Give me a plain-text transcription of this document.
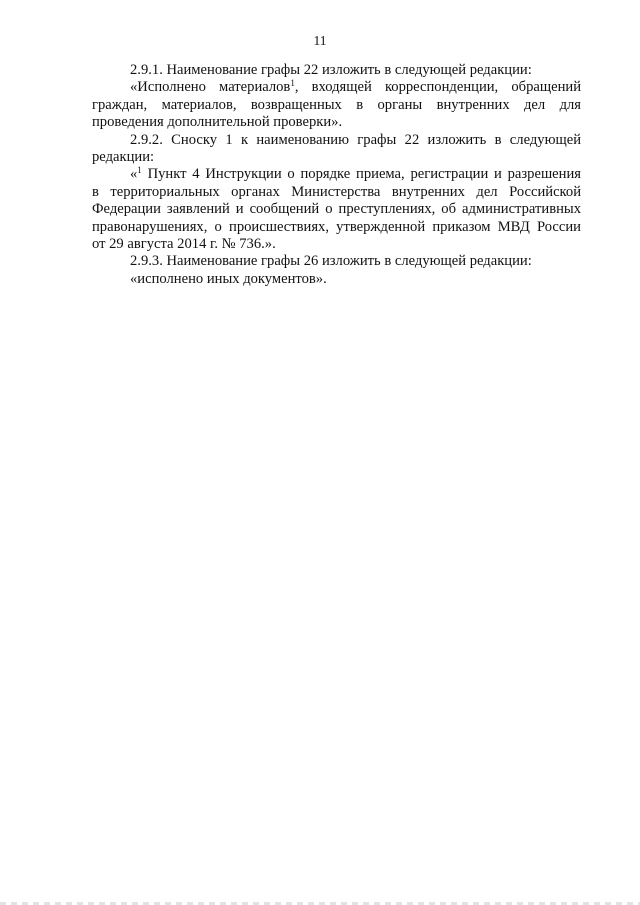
11

2.9.1. Наименование графы 22 изложить в следующей редакции:

«Исполнено материалов$^1$, входящей корреспонденции, обращений
граждан, материалов, возвращенных в органы внутренних дел для
проведения дополнительной проверки».

2.9.2. Сноску 1 к наименованию графы 22 изложить в следующей
редакции:

«$^1$ Пункт 4 Инструкции о порядке приема, регистрации и разрешения
в территориальных органах Министерства внутренних дел Российской
Федерации заявлений и сообщений о преступлениях, об административных
правонарушениях, о происшествиях, утвержденной приказом МВД России
от 29 августа 2014 г. № 736.».

2.9.3. Наименование графы 26 изложить в следующей редакции:

«исполнено иных документов».
